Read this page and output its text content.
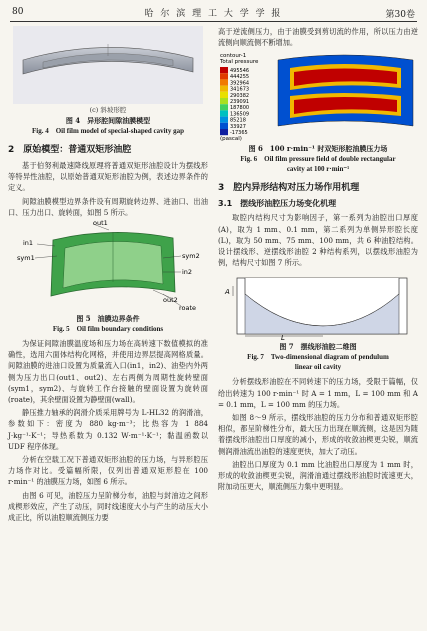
80	哈 尔 滨 理 工 大 学 学 报	第30卷
(c) 斜坡形腔
图 4　异形腔间隙油膜模型
Fig. 4　Oil film model of special-shaped cavity gap
2　原始模型：普通双矩形油腔

基于伯努利最速降线原理将普通双矩形油腔设计为摆线形等特异性油腔，以原始普通双矩形油腔为例，表述边界条件的定义。

间隙油膜模型边界条件设有周期旋转边界、进油口、出油口、压力出口、旋转面，如图 5 所示。

out1
in1
sym1	sym2
in2
out2
roate
图 5　油膜边界条件
Fig. 5　Oil film boundary conditions

为保证间隙油膜温度场和压力场在高转速下数值模拟的准确性，选用六面体结构化网格，并使用边界层提高网格质量。间隙油膜的进油口设置为质量流入口(in1，in2)、油垫内外两侧为压力出口(out1、out2)、左右两侧为周期性旋转壁面(sym1，sym2)、与旋转工作台接触的壁面设置为旋转面(roate)，其余壁面设置为静壁面(wall)。

静压推力轴承的润滑介质采用牌号为 L-HL32 的润滑油，参数如下：密度为 880 kg·m⁻³；比热容为 1 884 J·kg⁻¹·K⁻¹；导热系数为 0.132 W·m⁻¹·K⁻¹；黏温函数以 UDF 程序体现。

分析在空载工况下普通双矩形油腔的压力场，与异形腔压力场作对比。受篇幅所限，仅列出普通双矩形腔在 100 r·min⁻¹ 的油膜压力场，如图 6 所示。

由图 6 可见，油腔压力呈阶梯分布，油腔与封油边之间形成楔形效应，产生了动压，同时线速度大小与产生的动压大小成正比，所以油腔顺流侧压力要

高于逆流侧压力，由于油膜受到剪切流的作用，所以压力由逆流侧向顺流侧不断增加。

contour-1
Total pressure
495546
444255
392964
341673
290382
239091
187800
136509
85218
33927
-17365
(pascal)
图 6　100 r·min⁻¹ 时双矩形腔油膜压力场
Fig. 6　Oil film pressure field of double rectangular
cavity at 100 r·min⁻¹
3　腔内异形结构对压力场作用机理
3.1　摆线形油腔压力场变化机理

取腔内结构尺寸为影响因子，第一系列为油腔出口厚度(A)，取为 1 mm、0.1 mm，第二系列为单侧异形腔长度(L)，取为 50 mm、75 mm、100 mm，共 6 种油腔结构。设计摆线形、逆摆线形油腔 2 种结构系列，以摆线形油腔为例，结构尺寸如图 7 所示。

A
L
图 7　摆线形油腔二维图
Fig. 7　Two-dimensional diagram of pendulum
linear oil cavity

分析摆线形油腔在不同转速下的压力场，受限于篇幅，仅给出转速为 100 r·min⁻¹ 时 A = 1 mm，L = 100 mm 和 A = 0.1 mm，L = 100 mm 的压力场。

如图 8～9 所示，摆线形油腔的压力分布和普通双矩形腔相似，都呈阶梯性分布，最大压力出现在顺流侧，这是因为随着摆线形油腔出口厚度的减小，形成的收敛油楔更尖锐，顺流侧润滑油流出油腔的速度更快，加大了动压。

油腔出口厚度为 0.1 mm 比油腔出口厚度为 1 mm 时，形成的收敛油楔更尖锐，润滑油通过摆线形油腔时流速更大，附加动压更大，顺流侧压力集中更明显。
